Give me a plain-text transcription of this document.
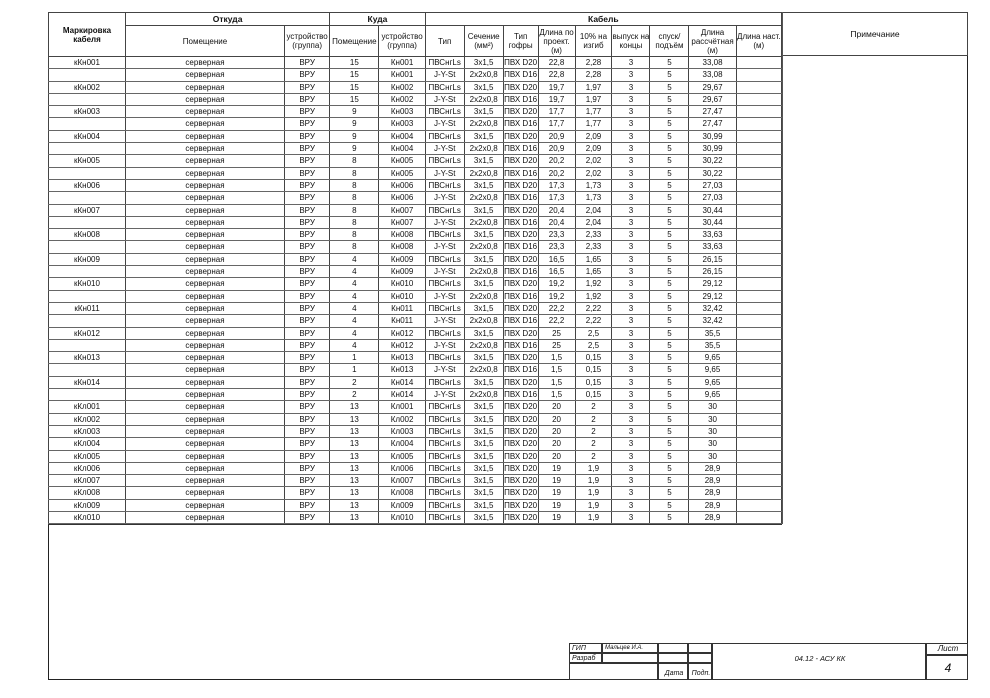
Маркировка кабеля	Откуда		Куда		Кабель								
	Помещение	устройство (группа)	Помещение	устройство (группа)	Тип	Сечение (мм²)	Тип гофры	Длина по проект. (м)	10% на изгиб	выпуск на концы	спуск/подъём	Длина рассчётная (м)	Длина наст. (м)
кКн001	серверная	ВРУ	15	Кн001	ПВСнгLs	3х1,5	ПВХ D20	22,8	2,28	3	5	33,08	
	серверная	ВРУ	15	Кн001	J-Y-St	2х2х0,8	ПВХ D16	22,8	2,28	3	5	33,08	
кКн002	серверная	ВРУ	15	Кн002	ПВСнгLs	3х1,5	ПВХ D20	19,7	1,97	3	5	29,67	
	серверная	ВРУ	15	Кн002	J-Y-St	2х2х0,8	ПВХ D16	19,7	1,97	3	5	29,67	
кКн003	серверная	ВРУ	9	Кн003	ПВСнгLs	3х1,5	ПВХ D20	17,7	1,77	3	5	27,47	
	серверная	ВРУ	9	Кн003	J-Y-St	2х2х0,8	ПВХ D16	17,7	1,77	3	5	27,47	
кКн004	серверная	ВРУ	9	Кн004	ПВСнгLs	3х1,5	ПВХ D20	20,9	2,09	3	5	30,99	
	серверная	ВРУ	9	Кн004	J-Y-St	2х2х0,8	ПВХ D16	20,9	2,09	3	5	30,99	
кКн005	серверная	ВРУ	8	Кн005	ПВСнгLs	3х1,5	ПВХ D20	20,2	2,02	3	5	30,22	
	серверная	ВРУ	8	Кн005	J-Y-St	2х2х0,8	ПВХ D16	20,2	2,02	3	5	30,22	
кКн006	серверная	ВРУ	8	Кн006	ПВСнгLs	3х1,5	ПВХ D20	17,3	1,73	3	5	27,03	
	серверная	ВРУ	8	Кн006	J-Y-St	2х2х0,8	ПВХ D16	17,3	1,73	3	5	27,03	
кКн007	серверная	ВРУ	8	Кн007	ПВСнгLs	3х1,5	ПВХ D20	20,4	2,04	3	5	30,44	
	серверная	ВРУ	8	Кн007	J-Y-St	2х2х0,8	ПВХ D16	20,4	2,04	3	5	30,44	
кКн008	серверная	ВРУ	8	Кн008	ПВСнгLs	3х1,5	ПВХ D20	23,3	2,33	3	5	33,63	
	серверная	ВРУ	8	Кн008	J-Y-St	2х2х0,8	ПВХ D16	23,3	2,33	3	5	33,63	
кКн009	серверная	ВРУ	4	Кн009	ПВСнгLs	3х1,5	ПВХ D20	16,5	1,65	3	5	26,15	
	серверная	ВРУ	4	Кн009	J-Y-St	2х2х0,8	ПВХ D16	16,5	1,65	3	5	26,15	
кКн010	серверная	ВРУ	4	Кн010	ПВСнгLs	3х1,5	ПВХ D20	19,2	1,92	3	5	29,12	
	серверная	ВРУ	4	Кн010	J-Y-St	2х2х0,8	ПВХ D16	19,2	1,92	3	5	29,12	
кКн011	серверная	ВРУ	4	Кн011	ПВСнгLs	3х1,5	ПВХ D20	22,2	2,22	3	5	32,42	
	серверная	ВРУ	4	Кн011	J-Y-St	2х2х0,8	ПВХ D16	22,2	2,22	3	5	32,42	
кКн012	серверная	ВРУ	4	Кн012	ПВСнгLs	3х1,5	ПВХ D20	25	2,5	3	5	35,5	
	серверная	ВРУ	4	Кн012	J-Y-St	2х2х0,8	ПВХ D16	25	2,5	3	5	35,5	
кКн013	серверная	ВРУ	1	Кн013	ПВСнгLs	3х1,5	ПВХ D20	1,5	0,15	3	5	9,65	
	серверная	ВРУ	1	Кн013	J-Y-St	2х2х0,8	ПВХ D16	1,5	0,15	3	5	9,65	
кКн014	серверная	ВРУ	2	Кн014	ПВСнгLs	3х1,5	ПВХ D20	1,5	0,15	3	5	9,65	
	серверная	ВРУ	2	Кн014	J-Y-St	2х2х0,8	ПВХ D16	1,5	0,15	3	5	9,65	
кКл001	серверная	ВРУ	13	Кл001	ПВСнгLs	3х1,5	ПВХ D20	20	2	3	5	30	
кКл002	серверная	ВРУ	13	Кл002	ПВСнгLs	3х1,5	ПВХ D20	20	2	3	5	30	
кКл003	серверная	ВРУ	13	Кл003	ПВСнгLs	3х1,5	ПВХ D20	20	2	3	5	30	
кКл004	серверная	ВРУ	13	Кл004	ПВСнгLs	3х1,5	ПВХ D20	20	2	3	5	30	
кКл005	серверная	ВРУ	13	Кл005	ПВСнгLs	3х1,5	ПВХ D20	20	2	3	5	30	
кКл006	серверная	ВРУ	13	Кл006	ПВСнгLs	3х1,5	ПВХ D20	19	1,9	3	5	28,9	
кКл007	серверная	ВРУ	13	Кл007	ПВСнгLs	3х1,5	ПВХ D20	19	1,9	3	5	28,9	
кКл008	серверная	ВРУ	13	Кл008	ПВСнгLs	3х1,5	ПВХ D20	19	1,9	3	5	28,9	
кКл009	серверная	ВРУ	13	Кл009	ПВСнгLs	3х1,5	ПВХ D20	19	1,9	3	5	28,9	
кКл010	серверная	ВРУ	13	Кл010	ПВСнгLs	3х1,5	ПВХ D20	19	1,9	3	5	28,9	
Примечание
ГИП	Мальцев И.А.
Разраб
Дата	Подп.
04.12 - АСУ КК
Лист
4
